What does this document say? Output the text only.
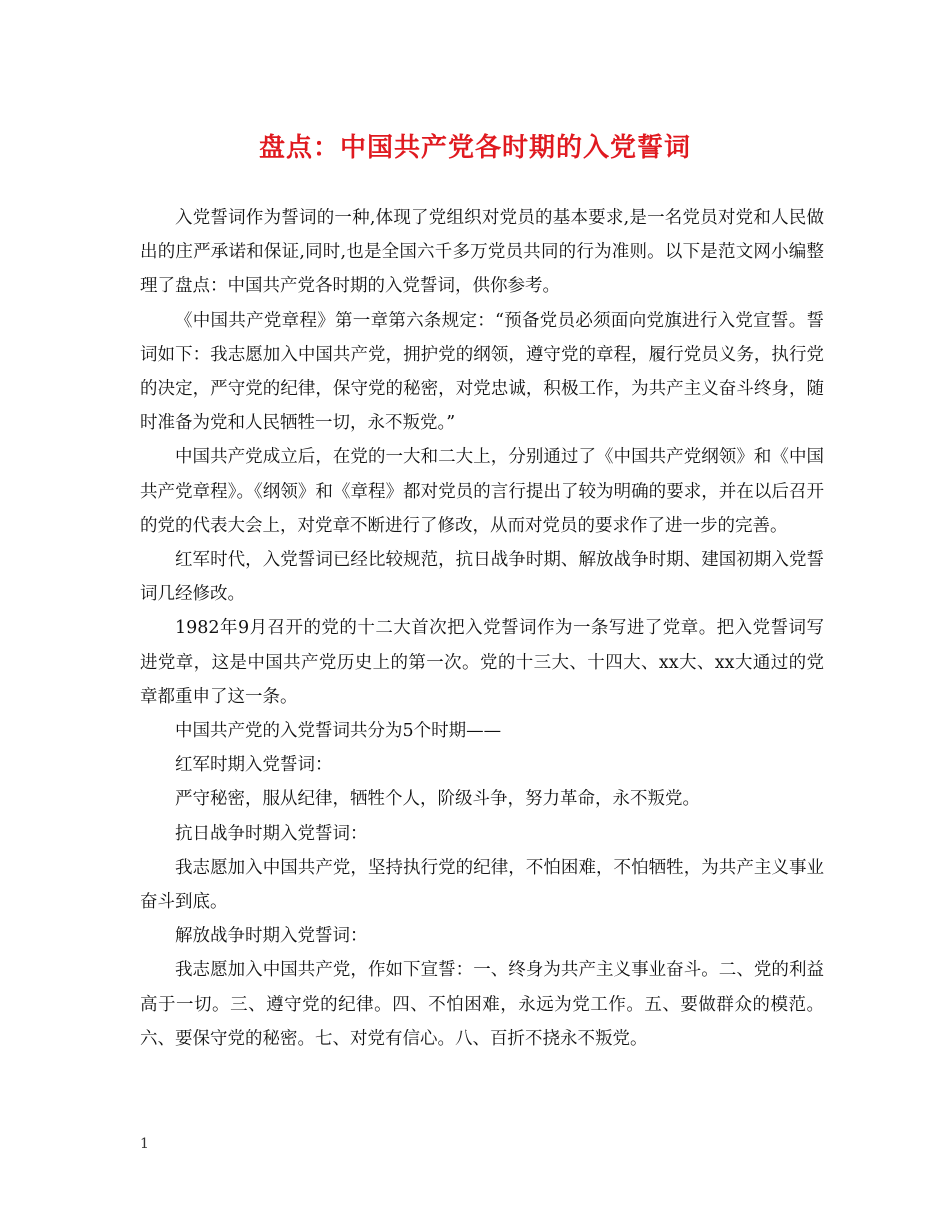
盘点：中国共产党各时期的入党誓词

入党誓词作为誓词的一种,体现了党组织对党员的基本要求,是一名党员对党和人民做出的庄严承诺和保证,同时,也是全国六千多万党员共同的行为准则。以下是范文网小编整理了盘点：中国共产党各时期的入党誓词，供你参考。

《中国共产党章程》第一章第六条规定：“预备党员必须面向党旗进行入党宣誓。誓词如下：我志愿加入中国共产党，拥护党的纲领，遵守党的章程，履行党员义务，执行党的决定，严守党的纪律，保守党的秘密，对党忠诚，积极工作，为共产主义奋斗终身，随时准备为党和人民牺牲一切，永不叛党。”

中国共产党成立后，在党的一大和二大上，分别通过了《中国共产党纲领》和《中国共产党章程》。《纲领》和《章程》都对党员的言行提出了较为明确的要求，并在以后召开的党的代表大会上，对党章不断进行了修改，从而对党员的要求作了进一步的完善。

红军时代，入党誓词已经比较规范，抗日战争时期、解放战争时期、建国初期入党誓词几经修改。

1982年9月召开的党的十二大首次把入党誓词作为一条写进了党章。把入党誓词写进党章，这是中国共产党历史上的第一次。党的十三大、十四大、xx大、xx大通过的党章都重申了这一条。

中国共产党的入党誓词共分为5个时期——

红军时期入党誓词：

严守秘密，服从纪律，牺牲个人，阶级斗争，努力革命，永不叛党。

抗日战争时期入党誓词：

我志愿加入中国共产党，坚持执行党的纪律，不怕困难，不怕牺牲，为共产主义事业奋斗到底。

解放战争时期入党誓词：

我志愿加入中国共产党，作如下宣誓：一、终身为共产主义事业奋斗。二、党的利益高于一切。三、遵守党的纪律。四、不怕困难，永远为党工作。五、要做群众的模范。六、要保守党的秘密。七、对党有信心。八、百折不挠永不叛党。

1
